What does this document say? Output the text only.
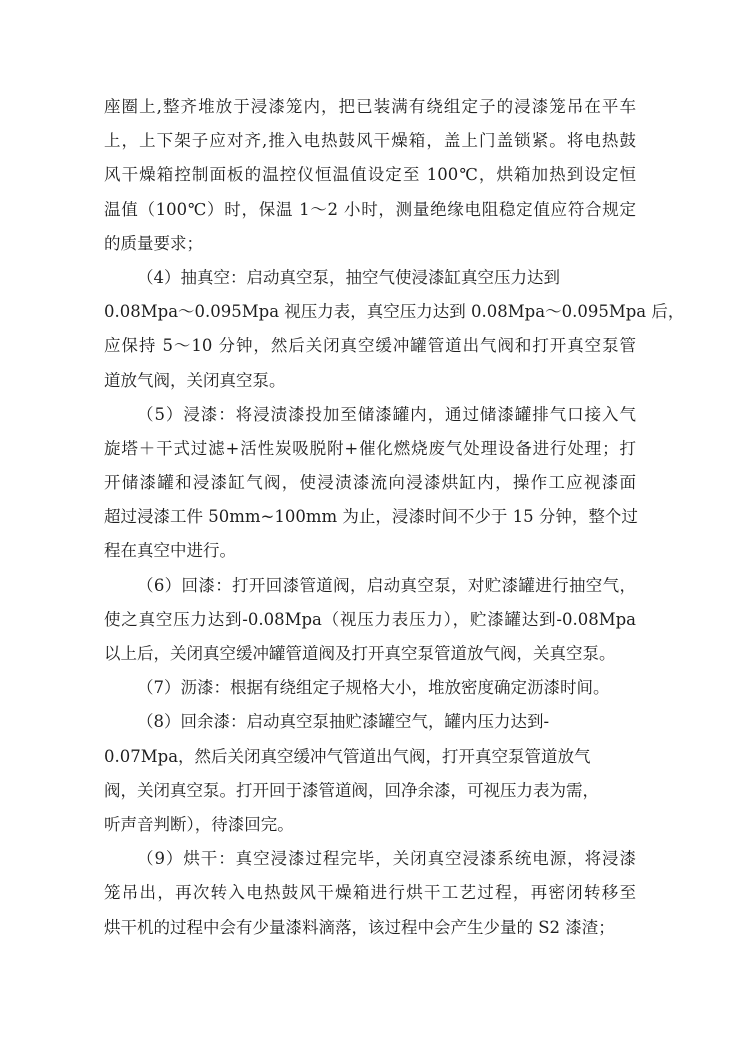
座圈上,整齐堆放于浸漆笼内，把已装满有绕组定子的浸漆笼吊在平车
上，上下架子应对齐,推入电热鼓风干燥箱，盖上门盖锁紧。将电热鼓
风干燥箱控制面板的温控仪恒温值设定至 100℃，烘箱加热到设定恒
温值（100℃）时，保温 1～2 小时，测量绝缘电阻稳定值应符合规定
的质量要求；
（4）抽真空：启动真空泵，抽空气使浸漆缸真空压力达到
0.08Mpa～0.095Mpa 视压力表，真空压力达到 0.08Mpa～0.095Mpa 后，
应保持 5～10 分钟，然后关闭真空缓冲罐管道出气阀和打开真空泵管
道放气阀，关闭真空泵。
（5）浸漆：将浸渍漆投加至储漆罐内，通过储漆罐排气口接入气
旋塔＋干式过滤+活性炭吸脱附+催化燃烧废气处理设备进行处理；打
开储漆罐和浸漆缸气阀，使浸渍漆流向浸漆烘缸内，操作工应视漆面
超过浸漆工件 50mm~100mm 为止，浸漆时间不少于 15 分钟，整个过
程在真空中进行。
（6）回漆：打开回漆管道阀，启动真空泵，对贮漆罐进行抽空气，
使之真空压力达到-0.08Mpa（视压力表压力），贮漆罐达到-0.08Mpa
以上后，关闭真空缓冲罐管道阀及打开真空泵管道放气阀，关真空泵。
（7）沥漆：根据有绕组定子规格大小，堆放密度确定沥漆时间。
（8）回余漆：启动真空泵抽贮漆罐空气，罐内压力达到-
0.07Mpa，然后关闭真空缓冲气管道出气阀，打开真空泵管道放气
阀，关闭真空泵。打开回于漆管道阀，回净余漆，可视压力表为需，
听声音判断），待漆回完。
（9）烘干：真空浸漆过程完毕，关闭真空浸漆系统电源，将浸漆
笼吊出，再次转入电热鼓风干燥箱进行烘干工艺过程，再密闭转移至
烘干机的过程中会有少量漆料滴落，该过程中会产生少量的 S2 漆渣；
